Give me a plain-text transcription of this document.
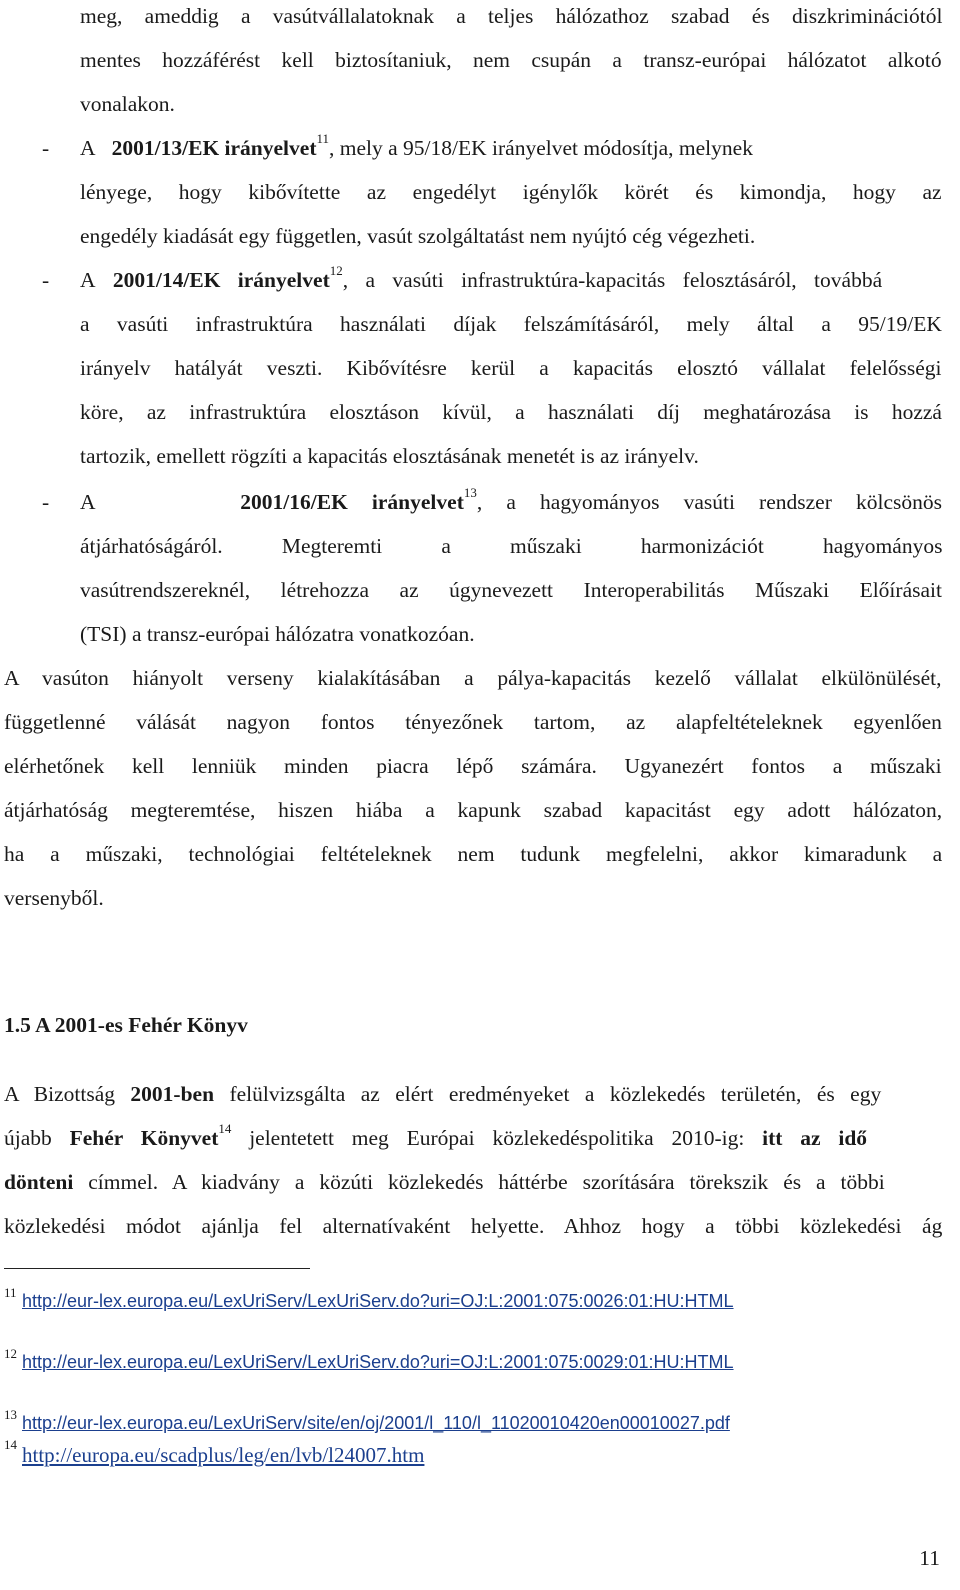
meg, ameddig a vasútvállalatoknak a teljes hálózathoz szabad és diszkriminációtól
mentes hozzáférést kell biztosítaniuk, nem csupán a transz-európai hálózatot alkotó
vonalakon.
- A 2001/13/EK irányelvet$^{11}$, mely a 95/18/EK irányelvet módosítja, melynek
lényege, hogy kibővítette az engedélyt igénylők körét és kimondja, hogy az
engedély kiadását egy független, vasút szolgáltatást nem nyújtó cég végezheti.
- A 2001/14/EK irányelvet$^{12}$, a vasúti infrastruktúra-kapacitás felosztásáról, továbbá
a vasúti infrastruktúra használati díjak felszámításáról, mely által a 95/19/EK
irányelv hatályát veszti. Kibővítésre kerül a kapacitás elosztó vállalat felelősségi
köre, az infrastruktúra elosztáson kívül, a használati díj meghatározása is hozzá
tartozik, emellett rögzíti a kapacitás elosztásának menetét is az irányelv.
- A	2001/16/EK irányelvet$^{13}$, a hagyományos vasúti rendszer kölcsönös
átjárhatóságáról. Megteremti a műszaki harmonizációt hagyományos
vasútrendszereknél, létrehozza az úgynevezett Interoperabilitás Műszaki Előírásait
(TSI) a transz-európai hálózatra vonatkozóan.
A vasúton hiányolt verseny kialakításában a pálya-kapacitás kezelő vállalat elkülönülését,
függetlenné válását nagyon fontos tényezőnek tartom, az alapfeltételeknek egyenlően
elérhetőnek kell lenniük minden piacra lépő számára. Ugyanezért fontos a műszaki
átjárhatóság megteremtése, hiszen hiába a kapunk szabad kapacitást egy adott hálózaton,
ha a műszaki, technológiai feltételeknek nem tudunk megfelelni, akkor kimaradunk a
versenyből.
1.5 A 2001-es Fehér Könyv
A Bizottság 2001-ben felülvizsgálta az elért eredményeket a közlekedés területén, és egy
újabb Fehér Könyvet$^{14}$ jelentetett meg Európai közlekedéspolitika 2010-ig: itt az idő
dönteni címmel. A kiadvány a közúti közlekedés háttérbe szorítására törekszik és a többi
közlekedési módot ajánlja fel alternatívaként helyette. Ahhoz hogy a többi közlekedési ág
11 http://eur-lex.europa.eu/LexUriServ/LexUriServ.do?uri=OJ:L:2001:075:0026:01:HU:HTML
12 http://eur-lex.europa.eu/LexUriServ/LexUriServ.do?uri=OJ:L:2001:075:0029:01:HU:HTML
13 http://eur-lex.europa.eu/LexUriServ/site/en/oj/2001/l_110/l_11020010420en00010027.pdf
14 http://europa.eu/scadplus/leg/en/lvb/l24007.htm
11
